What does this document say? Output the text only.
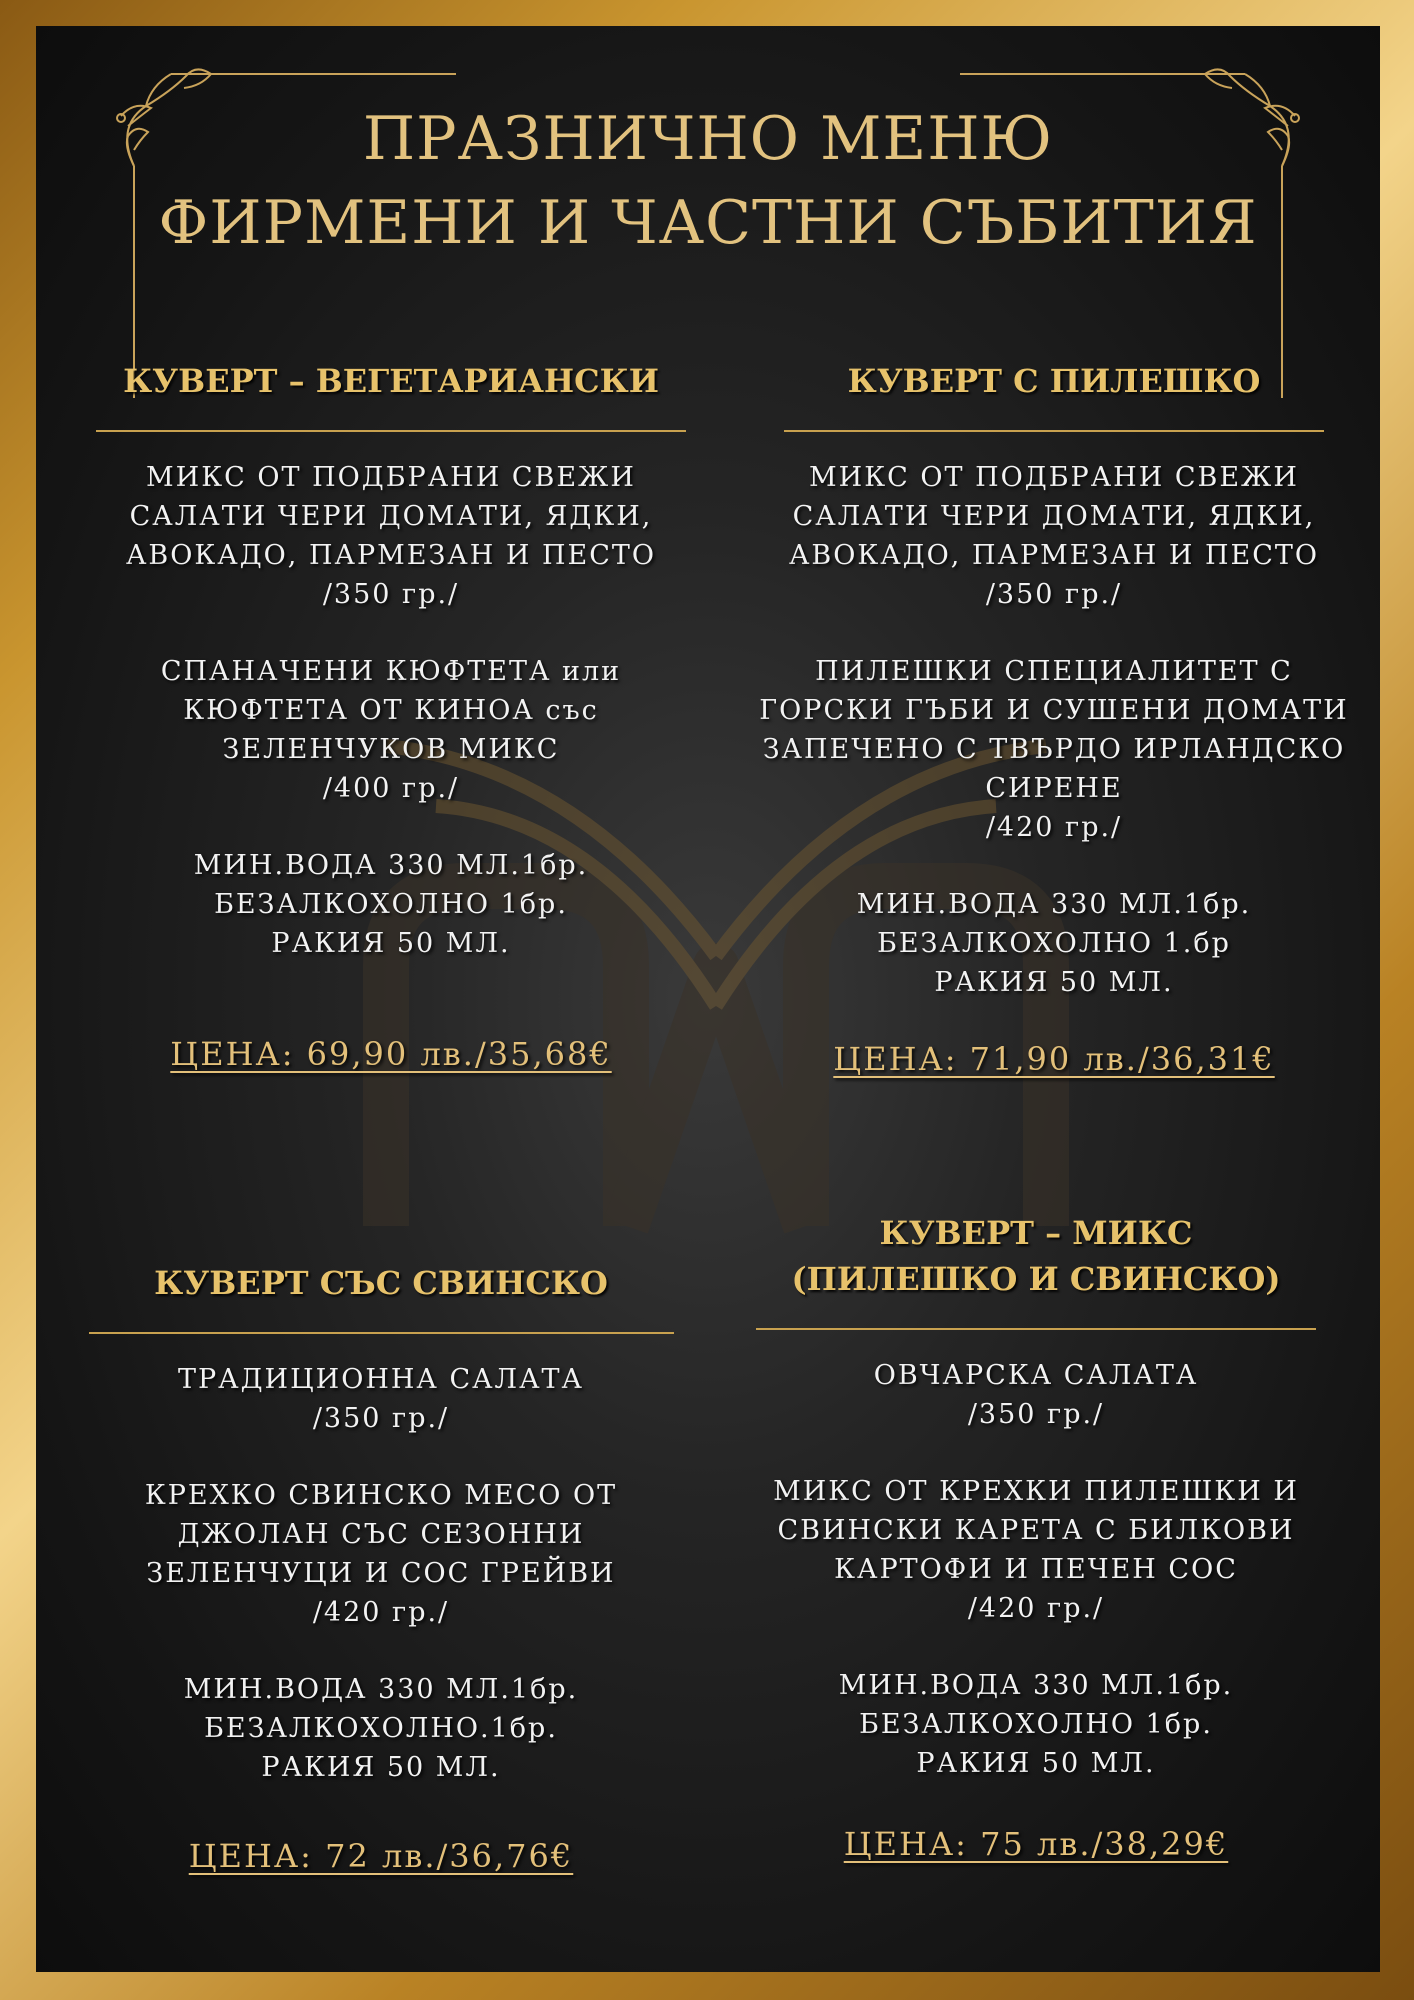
ПРАЗНИЧНО МЕНЮ
ФИРМЕНИ И ЧАСТНИ СЪБИТИЯ
КУВЕРТ – ВЕГЕТАРИАНСКИ

МИКС ОТ ПОДБРАНИ СВЕЖИ
САЛАТИ ЧЕРИ ДОМАТИ, ЯДКИ,
АВОКАДО, ПАРМЕЗАН И ПЕСТО
/350 гр./

СПАНАЧЕНИ КЮФТЕТА или
КЮФТЕТА ОТ КИНОА със
ЗЕЛЕНЧУКОВ МИКС
/400 гр./

МИН.ВОДА 330 МЛ.1бр.
БЕЗАЛКОХОЛНО 1бр.
РАКИЯ 50 МЛ.

ЦЕНА: 69,90 лв./35,68€

КУВЕРТ С ПИЛЕШКО

МИКС ОТ ПОДБРАНИ СВЕЖИ
САЛАТИ ЧЕРИ ДОМАТИ, ЯДКИ,
АВОКАДО, ПАРМЕЗАН И ПЕСТО
/350 гр./

ПИЛЕШКИ СПЕЦИАЛИТЕТ С
ГОРСКИ ГЪБИ И СУШЕНИ ДОМАТИ
ЗАПЕЧЕНО С ТВЪРДО ИРЛАНДСКО
СИРЕНЕ
/420 гр./

МИН.ВОДА 330 МЛ.1бр.
БЕЗАЛКОХОЛНО 1.бр
РАКИЯ 50 МЛ.

ЦЕНА: 71,90 лв./36,31€

КУВЕРТ СЪС СВИНСКО

ТРАДИЦИОННА САЛАТА
/350 гр./

КРЕХКО СВИНСКО МЕСО ОТ
ДЖОЛАН СЪС СЕЗОННИ
ЗЕЛЕНЧУЦИ И СОС ГРЕЙВИ
/420 гр./

МИН.ВОДА 330 МЛ.1бр.
БЕЗАЛКОХОЛНО.1бр.
РАКИЯ 50 МЛ.

ЦЕНА: 72 лв./36,76€

КУВЕРТ – МИКС
(ПИЛЕШКО И СВИНСКО)

ОВЧАРСКА САЛАТА
/350 гр./

МИКС ОТ КРЕХКИ ПИЛЕШКИ И
СВИНСКИ КАРЕТА С БИЛКОВИ
КАРТОФИ И ПЕЧЕН СОС
/420 гр./

МИН.ВОДА 330 МЛ.1бр.
БЕЗАЛКОХОЛНО 1бр.
РАКИЯ 50 МЛ.

ЦЕНА: 75 лв./38,29€
